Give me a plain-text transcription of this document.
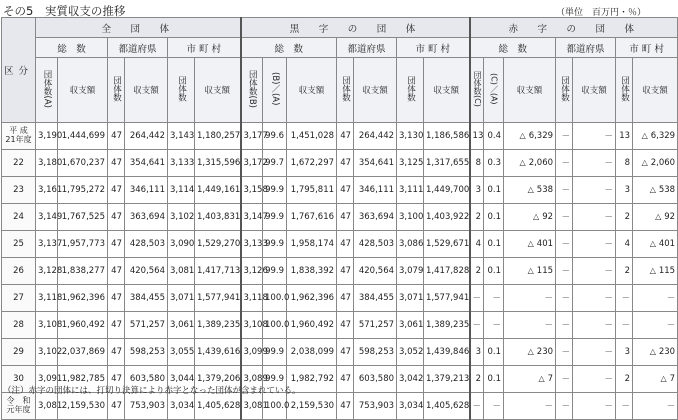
その5　実質収支の推移	（単位　百万円・％）
区分	全　団　体						黒　字　の　団　体							赤　字　の　団　体						
	総　数		都道府県		市 町 村		総　数			都道府県		市 町 村		総　数			都道府県		市 町 村	
	団体数(A)	収支額	団体数	収支額	団体数	収支額	団体数(B)	(B)／(A)	収支額	団体数	収支額	団体数	収支額	団体数(C)	(C)／(A)	収支額	団体数	収支額	団体数	収支額

平 成
21年度	3,190	1,444,699	47	264,442	3,143	1,180,257	3,177	99.6	1,451,028	47	264,442	3,130	1,186,586	13	0.4	△ 6,329	－	－	13	△ 6,329
22	3,180	1,670,237	47	354,641	3,133	1,315,596	3,172	99.7	1,672,297	47	354,641	3,125	1,317,655	8	0.3	△ 2,060	－	－	8	△ 2,060
23	3,161	1,795,272	47	346,111	3,114	1,449,161	3,158	99.9	1,795,811	47	346,111	3,111	1,449,700	3	0.1	△ 538	－	－	3	△ 538
24	3,149	1,767,525	47	363,694	3,102	1,403,831	3,147	99.9	1,767,616	47	363,694	3,100	1,403,922	2	0.1	△ 92	－	－	2	△ 92
25	3,137	1,957,773	47	428,503	3,090	1,529,270	3,133	99.9	1,958,174	47	428,503	3,086	1,529,671	4	0.1	△ 401	－	－	4	△ 401
26	3,128	1,838,277	47	420,564	3,081	1,417,713	3,126	99.9	1,838,392	47	420,564	3,079	1,417,828	2	0.1	△ 115	－	－	2	△ 115
27	3,118	1,962,396	47	384,455	3,071	1,577,941	3,118	100.0	1,962,396	47	384,455	3,071	1,577,941	－	－	－	－	－	－	－
28	3,108	1,960,492	47	571,257	3,061	1,389,235	3,108	100.0	1,960,492	47	571,257	3,061	1,389,235	－	－	－	－	－	－	－
29	3,102	2,037,869	47	598,253	3,055	1,439,616	3,099	99.9	2,038,099	47	598,253	3,052	1,439,846	3	0.1	△ 230	－	－	3	△ 230
30	3,091	1,982,785	47	603,580	3,044	1,379,206	3,089	99.9	1,982,792	47	603,580	3,042	1,379,213	2	0.1	△ 7	－	－	2	△ 7

令　和
元年度	3,081	2,159,530	47	753,903	3,034	1,405,628	3,081	100.0	2,159,530	47	753,903	3,034	1,405,628	－	－	－	－	－	－	－
（注）赤字の団体には、打切り決算により赤字となった団体が含まれている。
